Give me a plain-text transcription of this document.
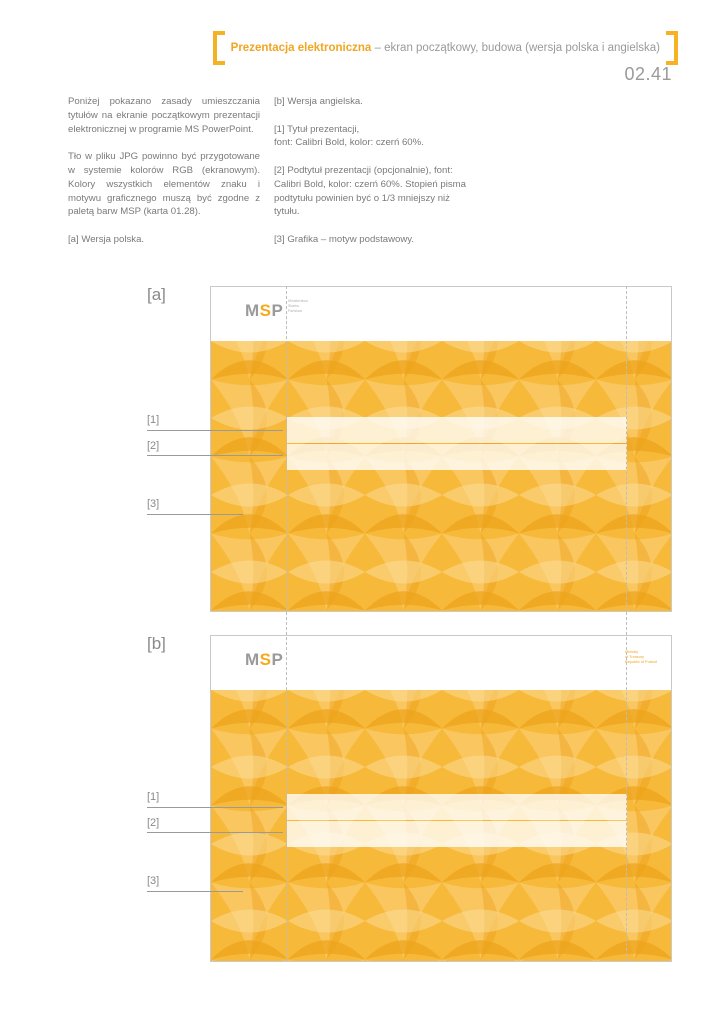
Prezentacja elektroniczna – ekran początkowy, budowa (wersja polska i angielska)
02.41

Poniżej pokazano zasady umieszczania tytułów na ekranie początkowym prezentacji elektronicznej w programie MS PowerPoint.

Tło w pliku JPG powinno być przygotowane w systemie kolorów RGB (ekranowym). Kolory wszystkich elementów znaku i motywu graficznego muszą być zgodne z paletą barw MSP (karta 01.28).

[a] Wersja polska.

[b] Wersja angielska.

[1] Tytuł prezentacji,
font: Calibri Bold, kolor: czerń 60%.

[2] Podtytuł prezentacji (opcjonalnie), font: Calibri Bold, kolor: czerń 60%. Stopień pisma podtytułu powinien być o 1/3 mniejszy niż tytułu.

[3] Grafika – motyw podstawowy.

[a]
MSP Ministerstwo
Skarbu
Państwa
[b]
MSP	Ministry
of Treasury
Republic of Poland
[1]
[2]
[3]
[1]
[2]
[3]
